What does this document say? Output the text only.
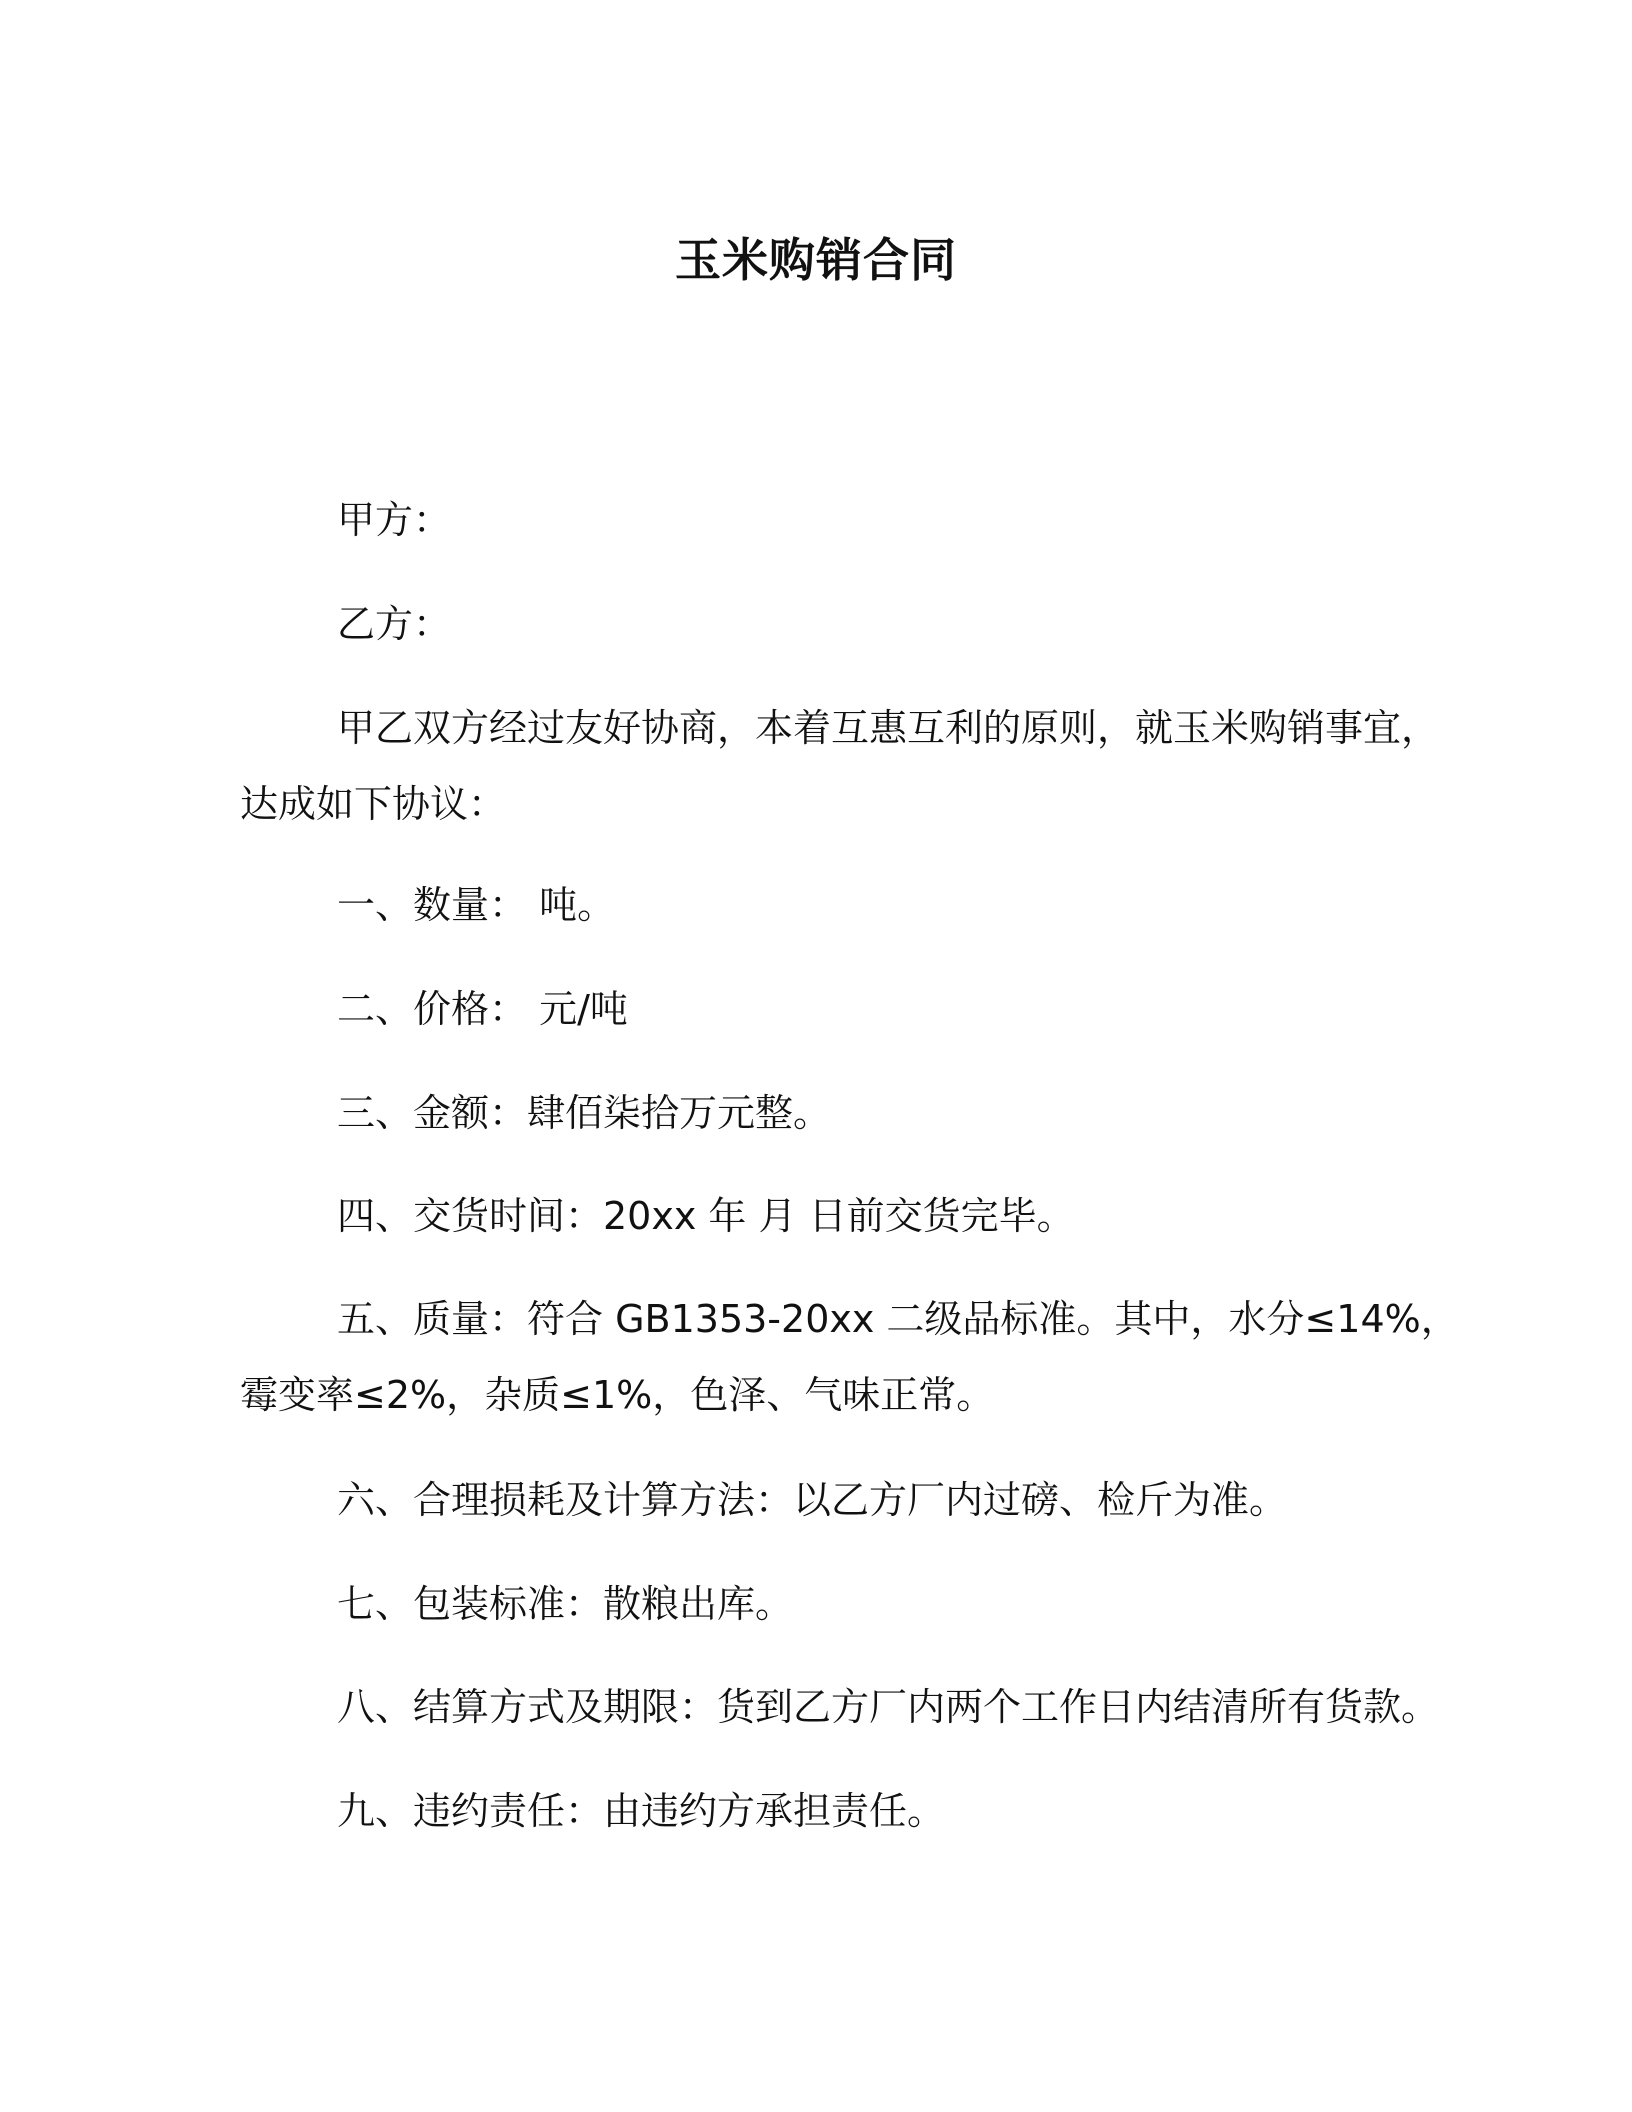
玉米购销合同
甲方：
乙方：
甲乙双方经过友好协商，本着互惠互利的原则，就玉米购销事宜，
达成如下协议：
一、数量： 吨。
二、价格： 元/吨
三、金额：肆佰柒拾万元整。
四、交货时间：20xx 年 月 日前交货完毕。
五、质量：符合 GB1353-20xx 二级品标准。其中，水分≤14%，
霉变率≤2%，杂质≤1%，色泽、气味正常。
六、合理损耗及计算方法：以乙方厂内过磅、检斤为准。
七、包装标准：散粮出库。
八、结算方式及期限：货到乙方厂内两个工作日内结清所有货款。
九、违约责任：由违约方承担责任。
